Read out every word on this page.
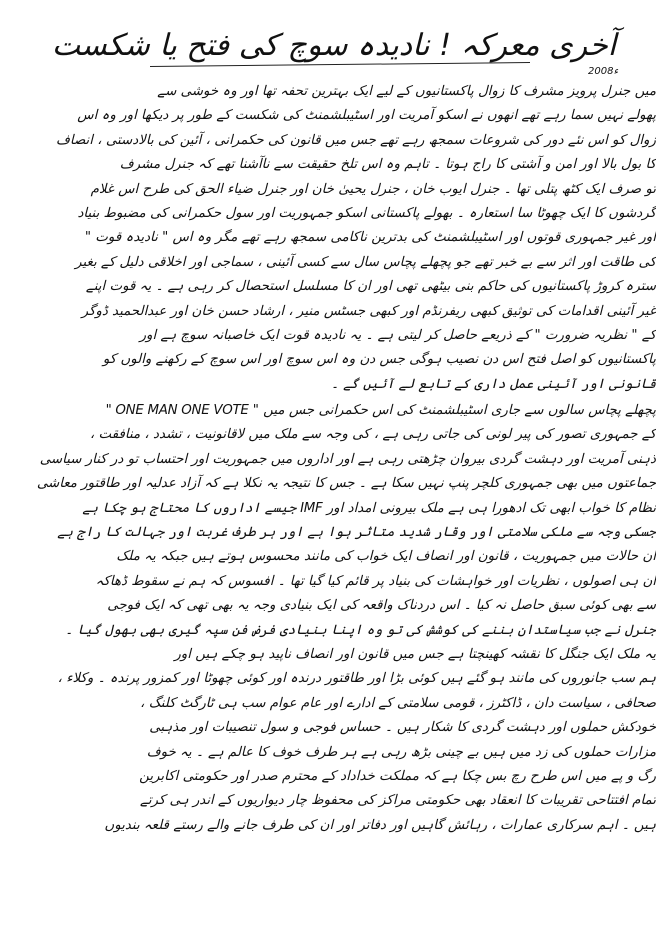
آخری معرکہ ! نادیدہ سوچ کی فتح یا شکست
2008ء
میں جنرل پرویز مشرف کا زوال پاکستانیوں کے لیے ایک بہترین تحفہ تھا اور وہ خوشی سے
پھولے نہیں سما رہے تھے انھوں نے اسکو آمریت اور اسٹیبلشمنٹ کی شکست کے طور پر دیکھا اور وہ اس
زوال کو اس نئے دور کی شروعات سمجھ رہے تھے جس میں قانون کی حکمرانی ، آئین کی بالادستی ، انصاف
کا بول بالا اور امن و آشتی کا راج ہوتا ۔ تاہم وہ اس تلخ حقیقت سے ناآشنا تھے کہ جنرل مشرف
تو صرف ایک کٹھ پتلی تھا ۔ جنرل ایوب خان ، جنرل یحییٰ خان اور جنرل ضیاء الحق کی طرح اس غلام
گردشوں کا ایک چھوٹا سا استعارہ ۔ بھولے پاکستانی اسکو جمہوریت اور سول حکمرانی کی مضبوط بنیاد
اور غیر جمہوری قوتوں اور اسٹیبلشمنٹ کی بدترین ناکامی سمجھ رہے تھے مگر وہ اس " نادیدہ قوت "
کی طاقت اور اثر سے بے خبر تھے جو پچھلے پچاس سال سے کسی آئینی ، سماجی اور اخلاقی دلیل کے بغیر
سترہ کروڑ پاکستانیوں کی حاکم بنی بیٹھی تھی اور ان کا مسلسل استحصال کر رہی ہے ۔ یہ قوت اپنے
غیر آئینی اقدامات کی توثیق کبھی ریفرنڈم اور کبھی جسٹس منیر ، ارشاد حسن خان اور عبدالحمید ڈوگر
کے " نظریہ ضرورت " کے ذریعے حاصل کر لیتی ہے ۔ یہ نادیدہ قوت ایک خاصبانہ سوچ ہے اور
پاکستانیوں کو اصل فتح اس دن نصیب ہوگی جس دن وہ اس سوچ اور اس سوچ کے رکھنے والوں کو
قانونی اور آئینی عمل داری کے تابع لے آئیں گے ۔
پچھلے پچاس سالوں سے جاری اسٹیبلشمنٹ کی اس حکمرانی جس میں " ONE MAN ONE VOTE "
کے جمہوری تصور کی پیر لونی کی جاتی رہی ہے ، کی وجہ سے ملک میں لاقانونیت ، تشدد ، منافقت ،
ذہنی آمریت اور دہشت گردی بیروان چڑھتی رہی ہے اور اداروں میں جمہوریت اور احتساب تو در کنار سیاسی
جماعتوں میں بھی جمہوری کلچر پنپ نہیں سکا ہے ۔ جس کا نتیجہ یہ نکلا ہے کہ آزاد عدلیہ اور طاقتور معاشی
نظام کا خواب ابھی تک ادھورا ہی ہے ملک بیرونی امداد اور IMF جیسے اداروں کا محتاج ہو چکا ہے
جسکی وجہ سے ملکی سلامتی اور وقار شدید متاثر ہوا ہے اور ہر طرف غربت اور جہالت کا راج ہے
ان حالات میں جمہوریت ، قانون اور انصاف ایک خواب کی مانند محسوس ہوتے ہیں جبکہ یہ ملک
ان ہی اصولوں ، نظریات اور خواہشات کی بنیاد پر قائم کیا گیا تھا ۔ افسوس کہ ہم نے سقوط ڈھاکہ
سے بھی کوئی سبق حاصل نہ کیا ۔ اس دردناک واقعہ کی ایک بنیادی وجہ یہ بھی تھی کہ ایک فوجی
جنرل نے جب سیاستدان بننے کی کوشش کی تو وہ اپنا بنیادی فرض فن سپہ گیری بھی بھول گیا ۔
یہ ملک ایک جنگل کا نقشہ کھینچتا ہے جس میں قانون اور انصاف ناپید ہو چکے ہیں اور
ہم سب جانوروں کی مانند ہو گئے ہیں کوئی بڑا اور طاقتور درندہ اور کوئی چھوٹا اور کمزور پرندہ ۔ وکلاء ،
صحافی ، سیاست دان ، ڈاکٹرز ، قومی سلامتی کے ادارے اور عام عوام سب ہی ٹارگٹ کلنگ ،
خودکش حملوں اور دہشت گردی کا شکار ہیں ۔ حساس فوجی و سول تنصیبات اور مذہبی
مزارات حملوں کی زد میں ہیں بے چینی بڑھ رہی ہے ہر طرف خوف کا عالم ہے ۔ یہ خوف
رگ و پے میں اس طرح رچ بس چکا ہے کہ مملکت خداداد کے محترم صدر اور حکومتی اکابرین
تمام افتتاحی تقریبات کا انعقاد بھی حکومتی مراکز کی محفوظ چار دیواریوں کے اندر ہی کرتے
ہیں ۔ اہم سرکاری عمارات ، رہائش گاہیں اور دفاتر اور ان کی طرف جانے والے رستے قلعہ بندیوں
